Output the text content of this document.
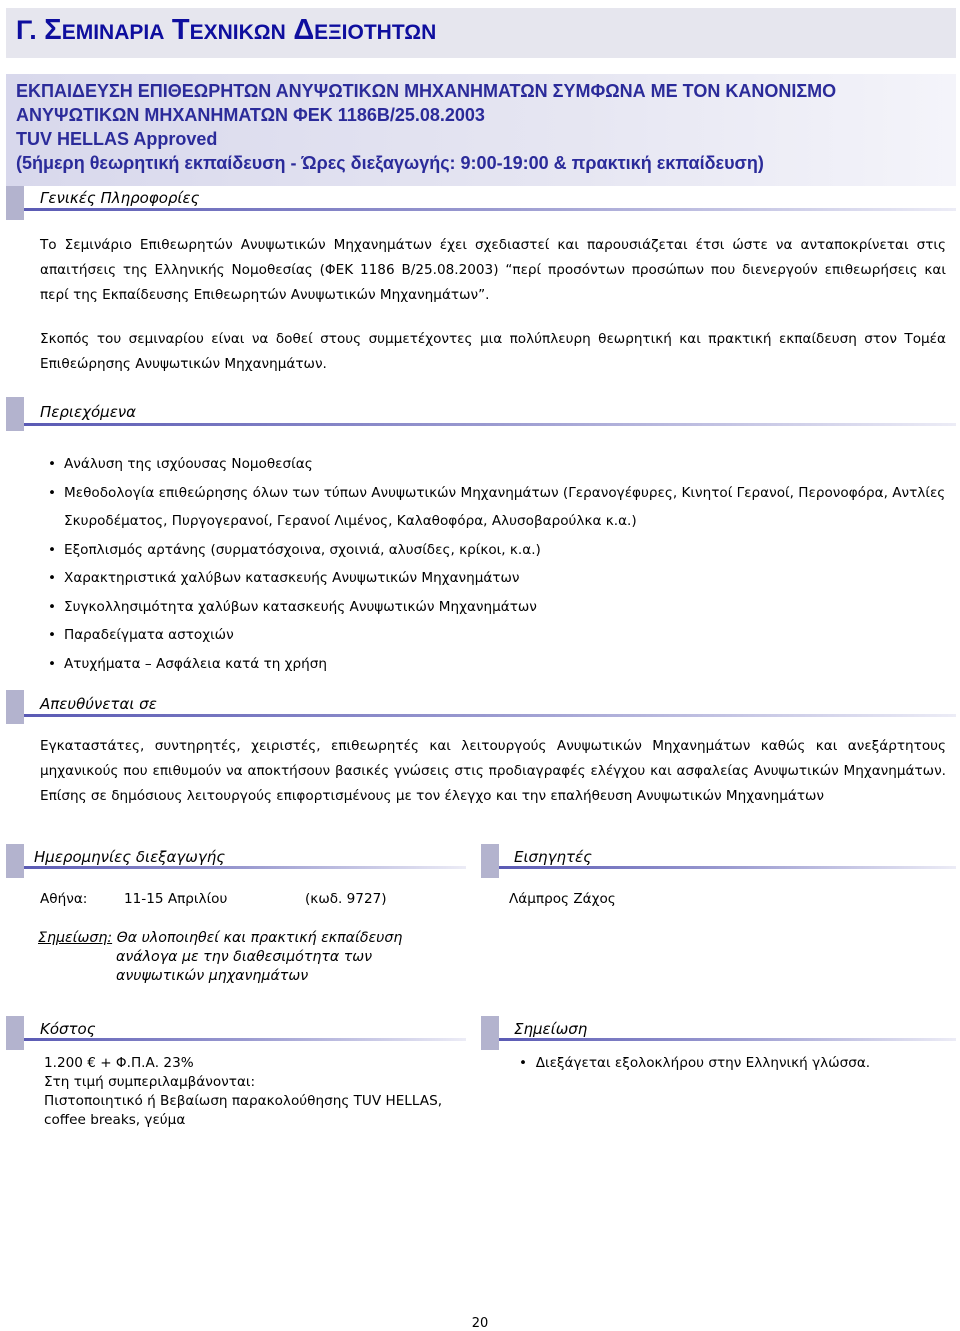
Γ. ΣΕΜΙΝΑΡΙΑ ΤΕΧΝΙΚΩΝ ΔΕΞΙΟΤΗΤΩΝ
ΕΚΠΑΙΔΕΥΣΗ ΕΠΙΘΕΩΡΗΤΩΝ ΑΝΥΨΩΤΙΚΩΝ ΜΗΧΑΝΗΜΑΤΩΝ ΣΥΜΦΩΝΑ ΜΕ ΤΟΝ ΚΑΝΟΝΙΣΜΟ
ΑΝΥΨΩΤΙΚΩΝ ΜΗΧΑΝΗΜΑΤΩΝ ΦΕΚ 1186Β/25.08.2003
TUV HELLAS Approved
(5ήμερη θεωρητική εκπαίδευση - Ώρες διεξαγωγής: 9:00-19:00 & πρακτική εκπαίδευση)
Γενικές Πληροφορίες
Το Σεμινάριο Επιθεωρητών Ανυψωτικών Μηχανημάτων έχει σχεδιαστεί και παρουσιάζεται έτσι ώστε να ανταποκρίνεται στις απαιτήσεις της Ελληνικής Νομοθεσίας (ΦΕΚ 1186 Β/25.08.2003) “περί προσόντων προσώπων που διενεργούν επιθεωρήσεις και περί της Εκπαίδευσης Επιθεωρητών Ανυψωτικών Μηχανημάτων”.
Σκοπός του σεμιναρίου είναι να δοθεί στους συμμετέχοντες μια πολύπλευρη θεωρητική και πρακτική εκπαίδευση στον Τομέα Επιθεώρησης Ανυψωτικών Μηχανημάτων.
Περιεχόμενα
• Ανάλυση της ισχύουσας Νομοθεσίας
• Μεθοδολογία επιθεώρησης όλων των τύπων Ανυψωτικών Μηχανημάτων (Γερανογέφυρες, Κινητοί Γερανοί, Περονοφόρα, Αντλίες Σκυροδέματος, Πυργογερανοί, Γερανοί Λιμένος, Καλαθοφόρα, Αλυσοβαρούλκα κ.α.)
• Εξοπλισμός αρτάνης (συρματόσχοινα, σχοινιά, αλυσίδες, κρίκοι, κ.α.)
• Χαρακτηριστικά χαλύβων κατασκευής Ανυψωτικών Μηχανημάτων
• Συγκολλησιμότητα χαλύβων κατασκευής Ανυψωτικών Μηχανημάτων
• Παραδείγματα αστοχιών
• Ατυχήματα – Ασφάλεια κατά τη χρήση
Απευθύνεται σε
Εγκαταστάτες, συντηρητές, χειριστές, επιθεωρητές και λειτουργούς Ανυψωτικών Μηχανημάτων καθώς και ανεξάρτητους μηχανικούς που επιθυμούν να αποκτήσουν βασικές γνώσεις στις προδιαγραφές ελέγχου και ασφαλείας Ανυψωτικών Μηχανημάτων. Επίσης σε δημόσιους λειτουργούς επιφορτισμένους με τον έλεγχο και την επαλήθευση Ανυψωτικών Μηχανημάτων
Ημερομηνίες διεξαγωγής
Αθήνα:	11-15 Απριλίου	(κωδ. 9727)
Σημείωση: Θα υλοποιηθεί και πρακτική εκπαίδευση
ανάλογα με την διαθεσιμότητα των
ανυψωτικών μηχανημάτων
Εισηγητές
Λάμπρος Ζάχος
Κόστος
1.200 € + Φ.Π.Α. 23%
Στη τιμή συμπεριλαμβάνονται:
Πιστοποιητικό ή Βεβαίωση παρακολούθησης TUV HELLAS,
coffee breaks, γεύμα
Σημείωση
• Διεξάγεται εξολοκλήρου στην Ελληνική γλώσσα.
20
